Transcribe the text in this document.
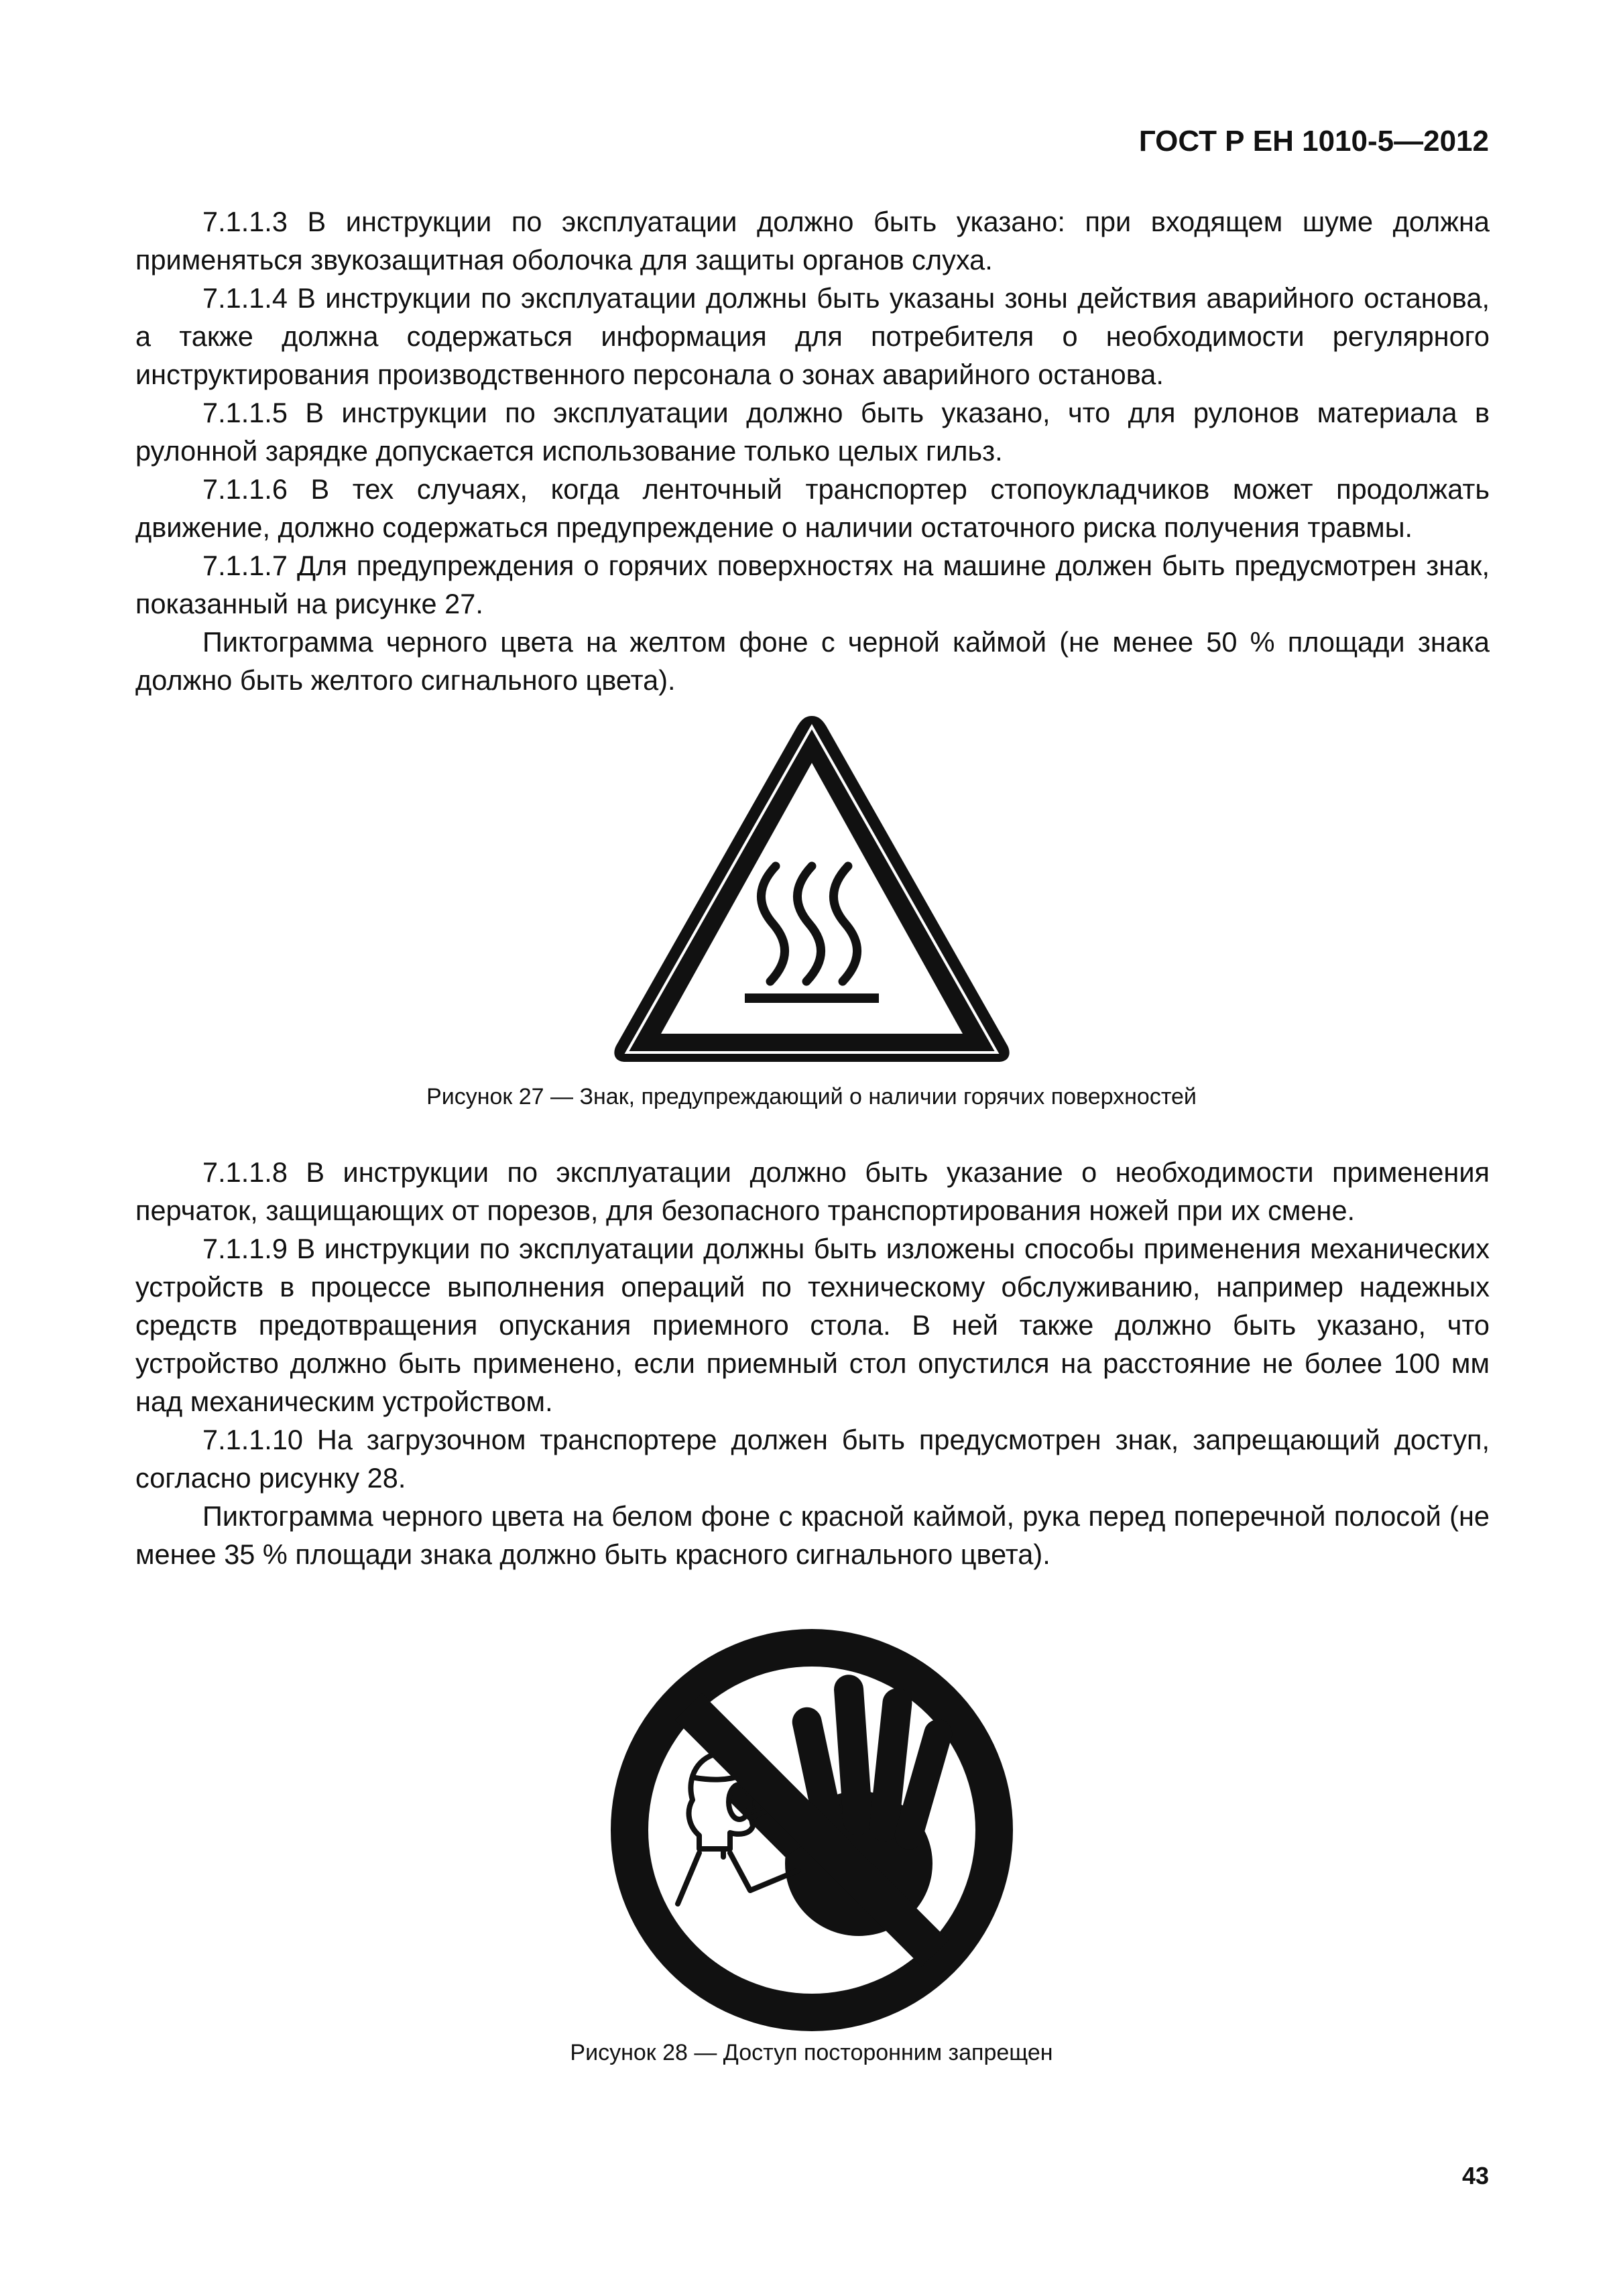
ГОСТ Р ЕН 1010-5—2012

7.1.1.3 В инструкции по эксплуатации должно быть указано: при входящем шуме должна применяться звукозащитная оболочка для защиты органов слуха.

7.1.1.4 В инструкции по эксплуатации должны быть указаны зоны действия аварийного останова, а также должна содержаться информация для потребителя о необходимости регулярного инструктирования производственного персонала о зонах аварийного останова.

7.1.1.5 В инструкции по эксплуатации должно быть указано, что для рулонов материала в рулонной зарядке допускается использование только целых гильз.

7.1.1.6 В тех случаях, когда ленточный транспортер стопоукладчиков может продолжать движение, должно содержаться предупреждение о наличии остаточного риска получения травмы.

7.1.1.7 Для предупреждения о горячих поверхностях на машине должен быть предусмотрен знак, показанный на рисунке 27.

Пиктограмма черного цвета на желтом фоне с черной каймой (не менее 50 % площади знака должно быть желтого сигнального цвета).

Рисунок 27 — Знак, предупреждающий о наличии горячих поверхностей

7.1.1.8 В инструкции по эксплуатации должно быть указание о необходимости применения перчаток, защищающих от порезов, для безопасного транспортирования ножей при их смене.

7.1.1.9 В инструкции по эксплуатации должны быть изложены способы применения механических устройств в процессе выполнения операций по техническому обслуживанию, например надежных средств предотвращения опускания приемного стола. В ней также должно быть указано, что устройство должно быть применено, если приемный стол опустился на расстояние не более 100 мм над механическим устройством.

7.1.1.10 На загрузочном транспортере должен быть предусмотрен знак, запрещающий доступ, согласно рисунку 28.

Пиктограмма черного цвета на белом фоне с красной каймой, рука перед поперечной полосой (не менее 35 % площади знака должно быть красного сигнального цвета).

Рисунок 28 — Доступ посторонним запрещен
43
